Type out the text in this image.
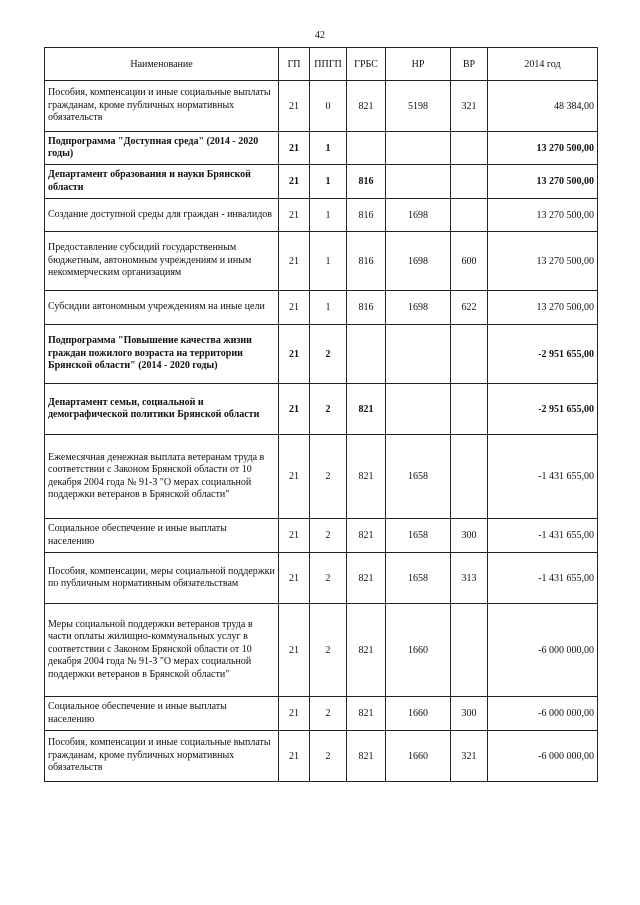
42
Наименование	ГП	ППГП	ГРБС	НР	ВР	2014 год
Пособия, компенсации и иные социальные выплаты гражданам, кроме публичных нормативных обязательств	21	0	821	5198	321	48 384,00
Подпрограмма "Доступная среда" (2014 - 2020 годы)	21	1				13 270 500,00
Департамент образования и науки Брянской области	21	1	816			13 270 500,00
Создание доступной среды для граждан - инвалидов	21	1	816	1698		13 270 500,00
Предоставление субсидий государственным бюджетным, автономным учреждениям и иным некоммерческим организациям	21	1	816	1698	600	13 270 500,00
Субсидии автономным учреждениям на иные цели	21	1	816	1698	622	13 270 500,00
Подпрограмма "Повышение качества жизни граждан пожилого возраста на территории Брянской области" (2014 - 2020 годы)	21	2				-2 951 655,00
Департамент семьи, социальной и демографической политики Брянской области	21	2	821			-2 951 655,00
Ежемесячная денежная выплата ветеранам труда в соответствии с Законом Брянской области от 10 декабря 2004 года № 91-З "О мерах социальной поддержки ветеранов в Брянской области"	21	2	821	1658		-1 431 655,00
Социальное обеспечение и иные выплаты населению	21	2	821	1658	300	-1 431 655,00
Пособия, компенсации, меры социальной поддержки по публичным нормативным обязательствам	21	2	821	1658	313	-1 431 655,00
Меры социальной поддержки ветеранов труда в части оплаты жилищно-коммунальных услуг в соответствии с Законом Брянской области от 10 декабря 2004 года № 91-З "О мерах социальной поддержки ветеранов в Брянской области"	21	2	821	1660		-6 000 000,00
Социальное обеспечение и иные выплаты населению	21	2	821	1660	300	-6 000 000,00
Пособия, компенсации и иные социальные выплаты гражданам, кроме публичных нормативных обязательств	21	2	821	1660	321	-6 000 000,00
